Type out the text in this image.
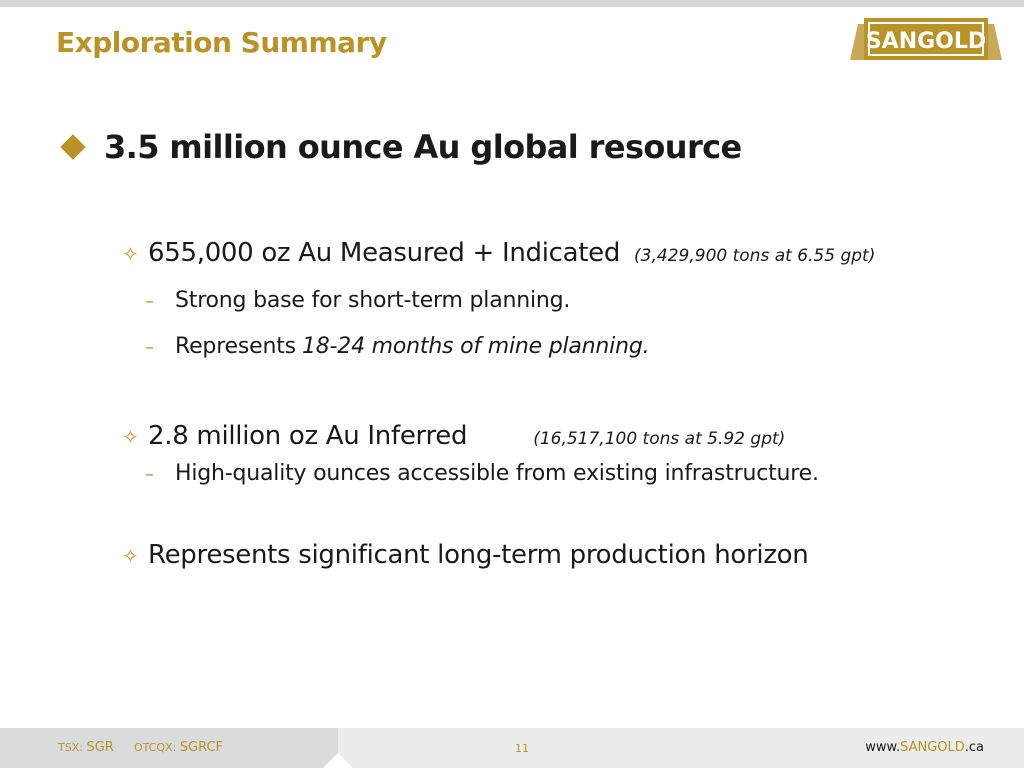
Exploration Summary	SANGOLD
3.5 million ounce Au global resource
✧ 655,000 oz Au Measured + Indicated (3,429,900 tons at 6.55 gpt)
– Strong base for short-term planning.
– Represents 18-24 months of mine planning.
✧ 2.8 million oz Au Inferred	(16,517,100 tons at 5.92 gpt)
– High-quality ounces accessible from existing infrastructure.
✧ Represents significant long-term production horizon
TSX: SGR OTCQX: SGRCF	11	www.SANGOLD.ca
